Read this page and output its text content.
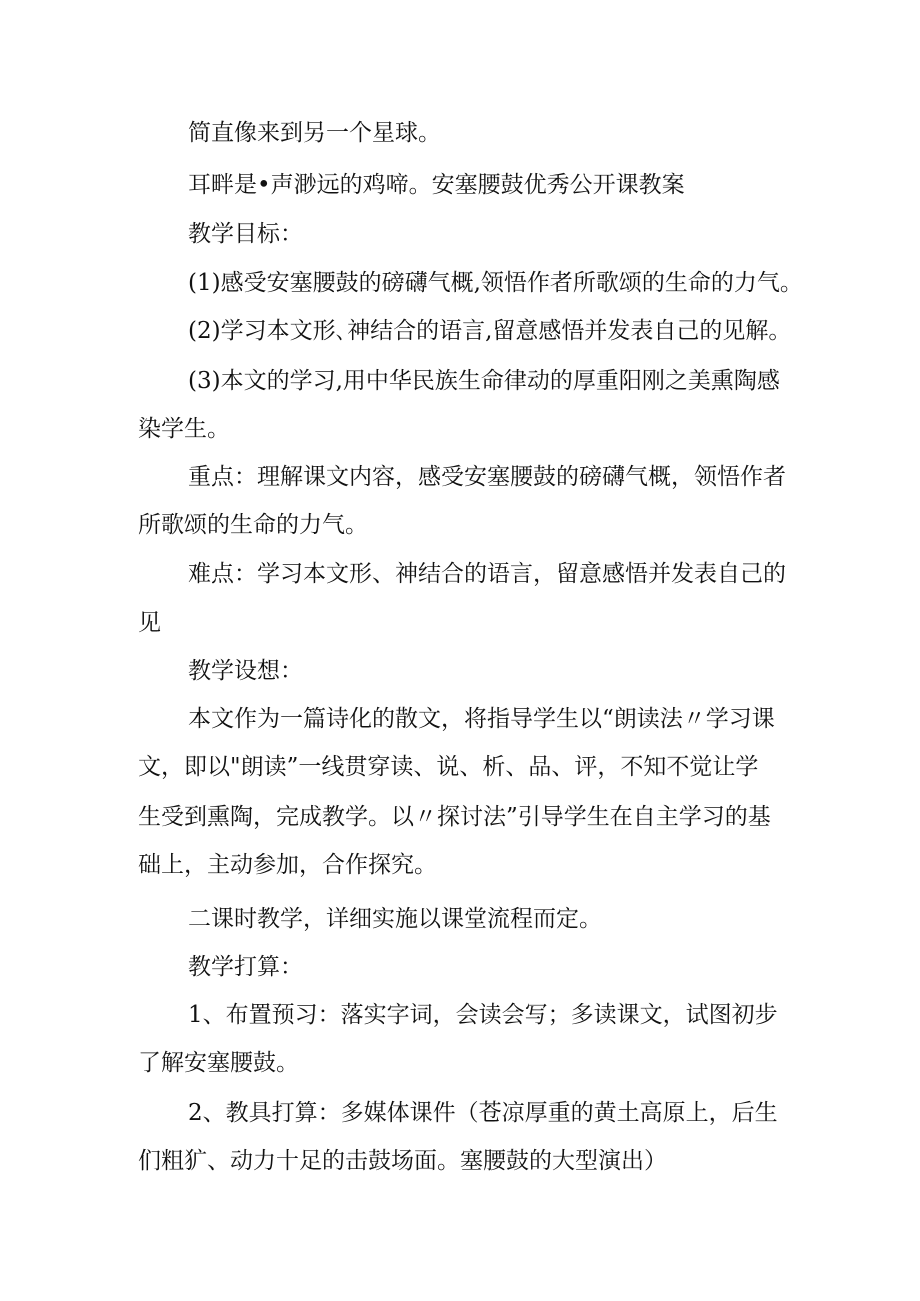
简直像来到另一个星球。
耳畔是•声渺远的鸡啼。安塞腰鼓优秀公开课教案
教学目标：
(1)感受安塞腰鼓的磅礴气概,领悟作者所歌颂的生命的力气。
(2)学习本文形､神结合的语言,留意感悟并发表自己的见解。
(3)本文的学习,用中华民族生命律动的厚重阳刚之美熏陶感
染学生。
重点：理解课文内容，感受安塞腰鼓的磅礴气概，领悟作者
所歌颂的生命的力气。
难点：学习本文形、神结合的语言，留意感悟并发表自己的
见
教学设想：
本文作为一篇诗化的散文，将指导学生以“朗读法〃学习课
文，即以"朗读”一线贯穿读、说、析、品、评，不知不觉让学
生受到熏陶，完成教学。以〃探讨法”引导学生在自主学习的基
础上，主动参加，合作探究。
二课时教学，详细实施以课堂流程而定。
教学打算：
1、布置预习：落实字词，会读会写；多读课文，试图初步
了解安塞腰鼓。
2、教具打算：多媒体课件（苍凉厚重的黄土高原上，后生
们粗犷、动力十足的击鼓场面。塞腰鼓的大型演出）
